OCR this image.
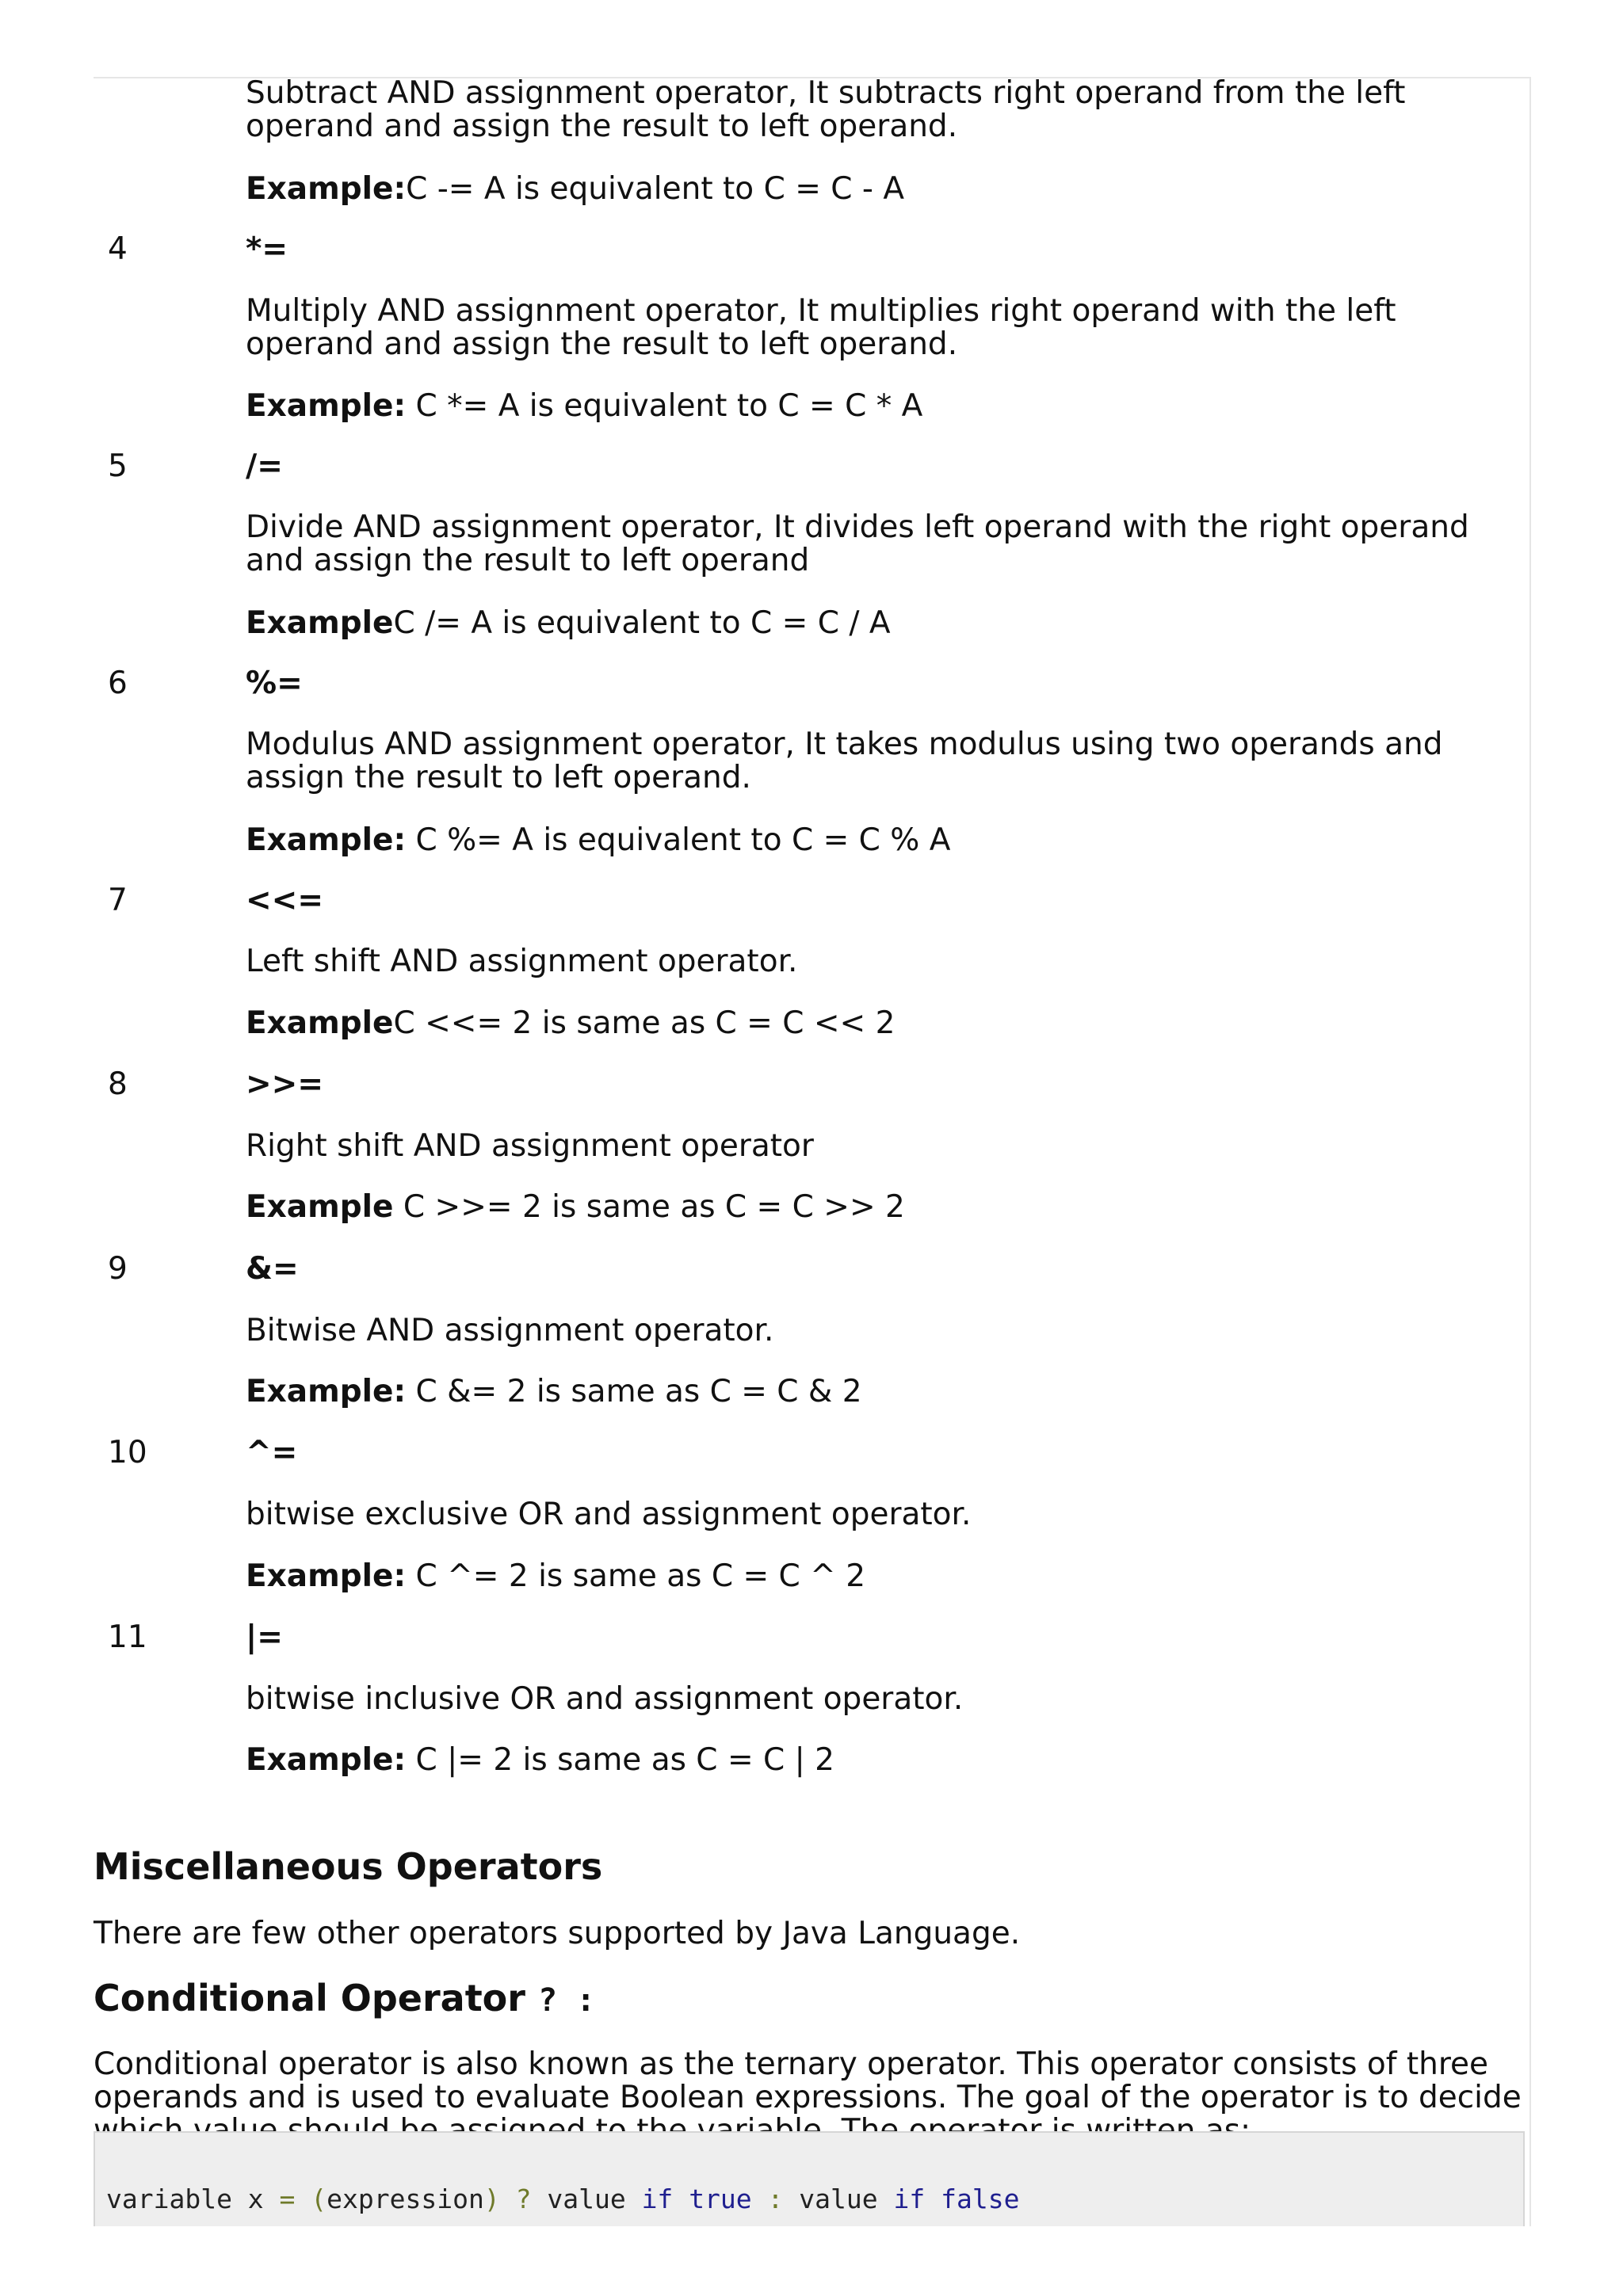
Subtract AND assignment operator, It subtracts right operand from the left operand and assign the result to left operand.

Example:C -= A is equivalent to C = C - A

4	*=

Multiply AND assignment operator, It multiplies right operand with the left operand and assign the result to left operand.

Example: C *= A is equivalent to C = C * A

5	/=

Divide AND assignment operator, It divides left operand with the right operand and assign the result to left operand

ExampleC /= A is equivalent to C = C / A

6	%=

Modulus AND assignment operator, It takes modulus using two operands and assign the result to left operand.

Example: C %= A is equivalent to C = C % A

7	<<=

Left shift AND assignment operator.

ExampleC <<= 2 is same as C = C << 2

8	>>=

Right shift AND assignment operator

Example C >>= 2 is same as C = C >> 2

9	&=

Bitwise AND assignment operator.

Example: C &= 2 is same as C = C & 2

10	^=

bitwise exclusive OR and assignment operator.

Example: C ^= 2 is same as C = C ^ 2

11	|=

bitwise inclusive OR and assignment operator.

Example: C |= 2 is same as C = C | 2

Miscellaneous Operators

There are few other operators supported by Java Language.

Conditional Operator ? :

Conditional operator is also known as the ternary operator. This operator consists of three operands and is used to evaluate Boolean expressions. The goal of the operator is to decide

variable x = (expression) ? value if true : value if false
